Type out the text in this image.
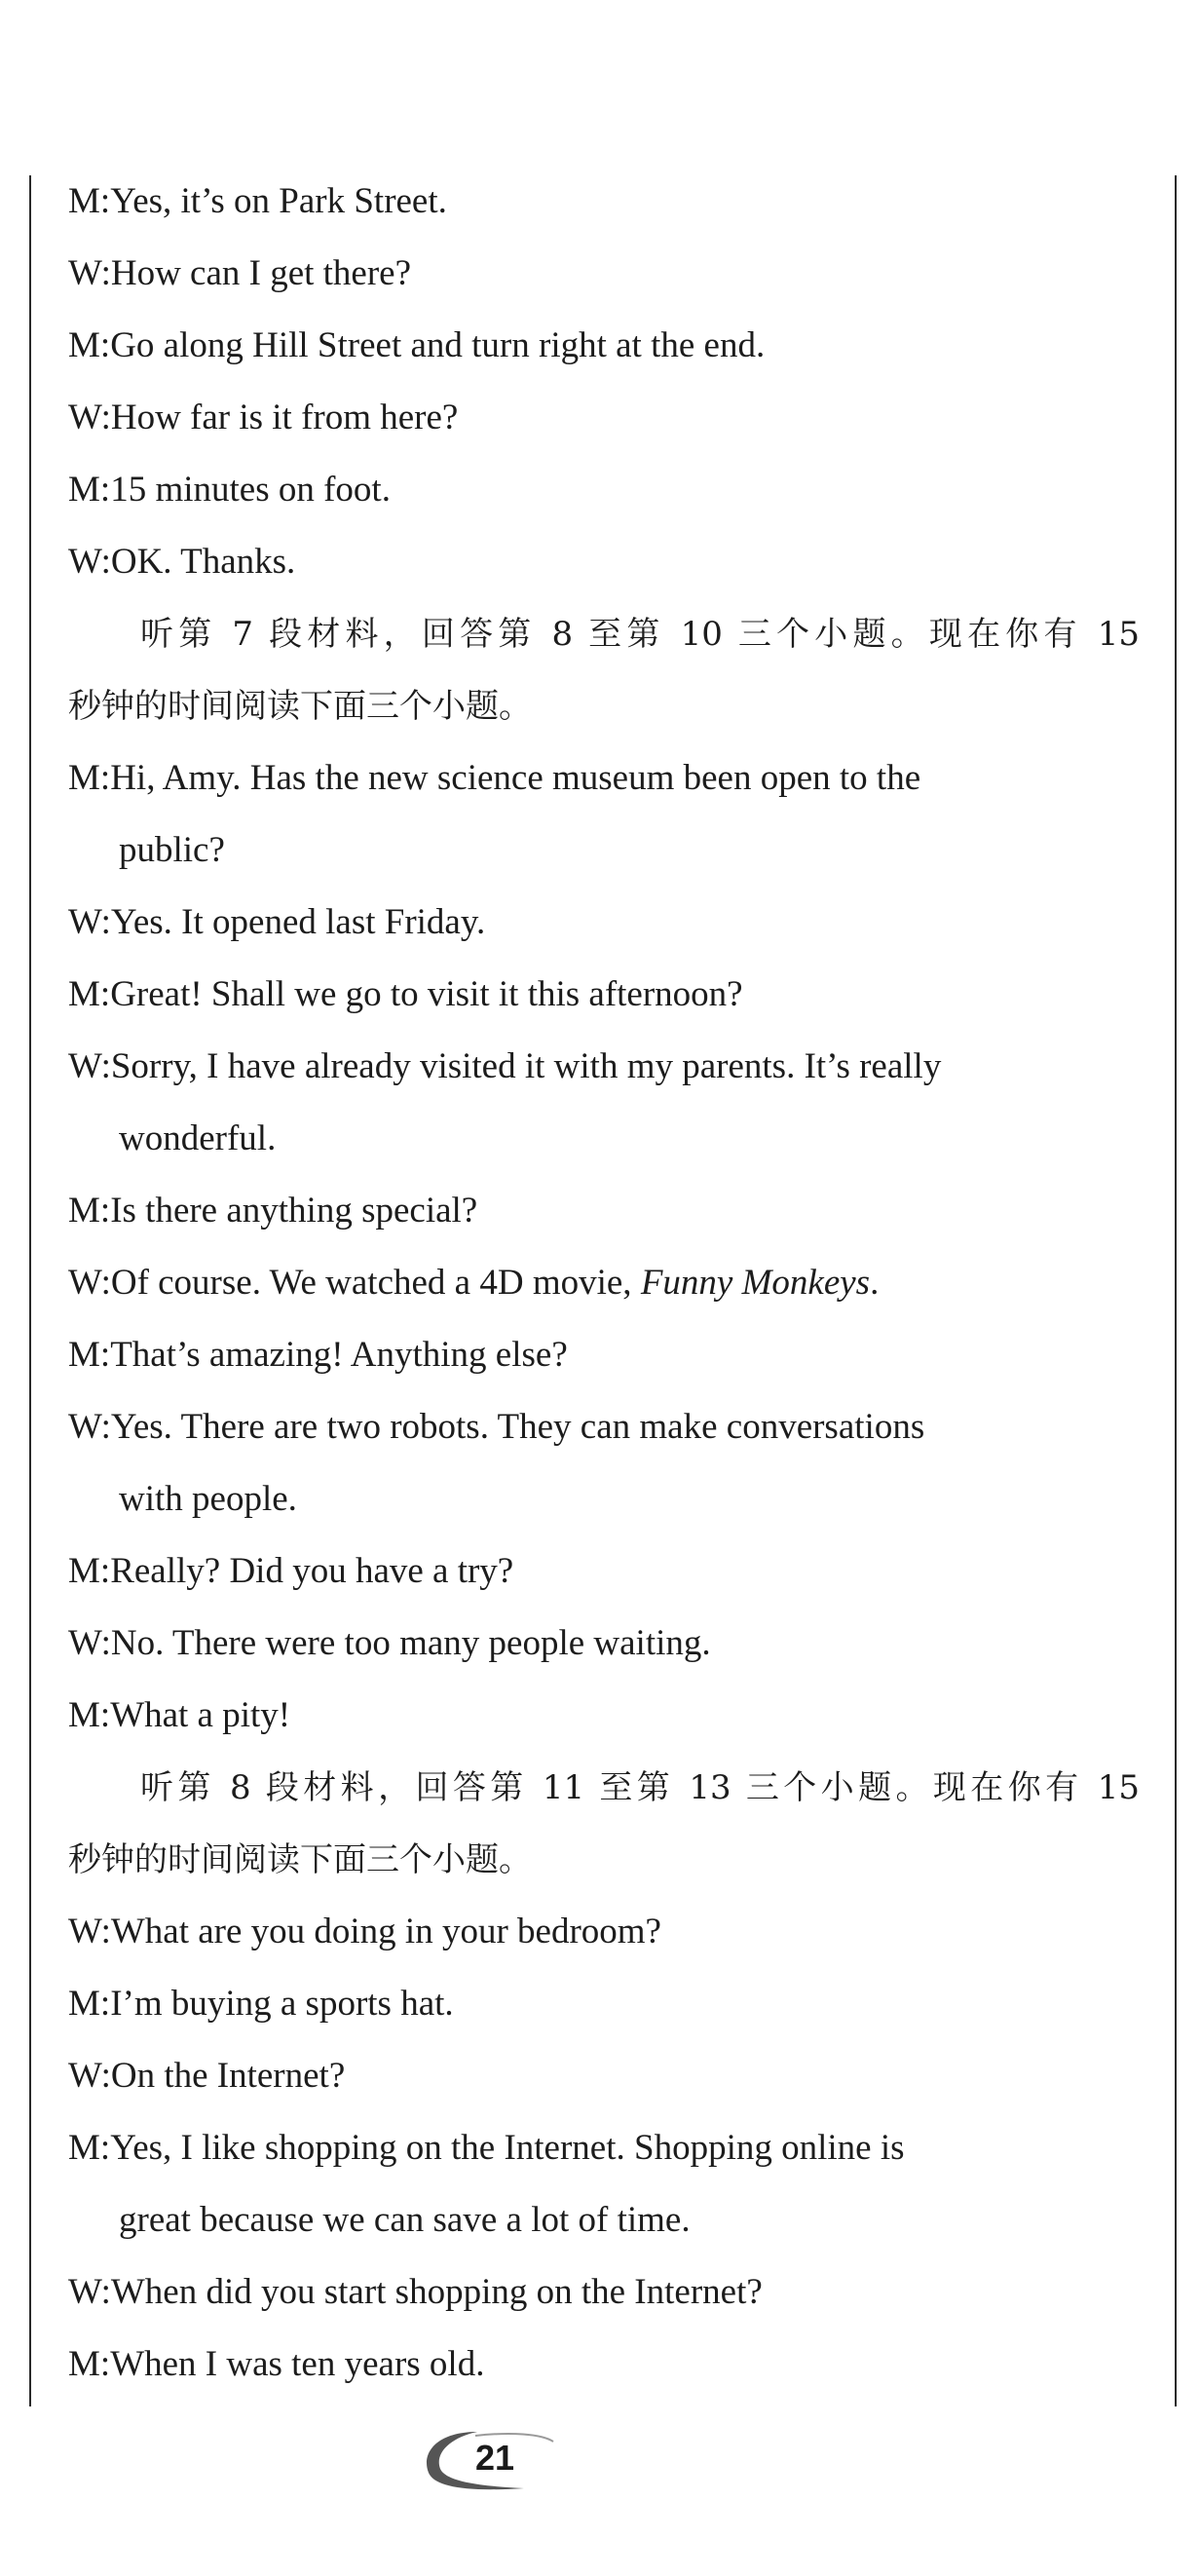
M:Yes, it’s on Park Street.
W:How can I get there?
M:Go along Hill Street and turn right at the end.
W:How far is it from here?
M:15 minutes on foot.
W:OK. Thanks.
听第 7 段材料，回答第 8 至第 10 三个小题。现在你有 15
秒钟的时间阅读下面三个小题。
M:Hi, Amy. Has the new science museum been open to the
public?
W:Yes. It opened last Friday.
M:Great! Shall we go to visit it this afternoon?
W:Sorry, I have already visited it with my parents. It’s really
wonderful.
M:Is there anything special?
W:Of course. We watched a 4D movie, Funny Monkeys.
M:That’s amazing! Anything else?
W:Yes. There are two robots. They can make conversations
with people.
M:Really? Did you have a try?
W:No. There were too many people waiting.
M:What a pity!
听第 8 段材料，回答第 11 至第 13 三个小题。现在你有 15
秒钟的时间阅读下面三个小题。
W:What are you doing in your bedroom?
M:I’m buying a sports hat.
W:On the Internet?
M:Yes, I like shopping on the Internet. Shopping online is
great because we can save a lot of time.
W:When did you start shopping on the Internet?
M:When I was ten years old.
21
